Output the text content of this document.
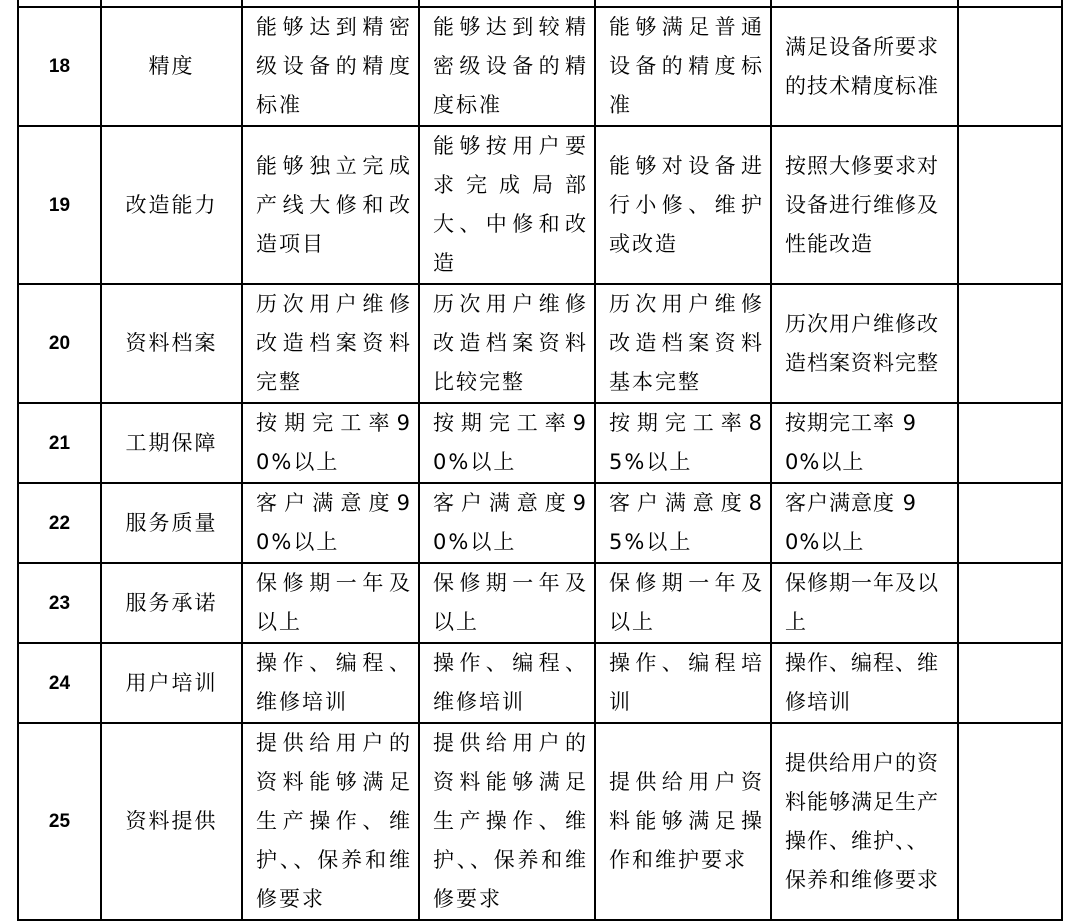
18	精度	能够达到精密级设备的精度标准	能够达到较精密级设备的精度标准	能够满足普通设备的精度标准	满足设备所要求的技术精度标准	
19	改造能力	能够独立完成产线大修和改造项目	能够按用户要求完成局部大、中修和改造	能够对设备进行小修、维护或改造	按照大修要求对设备进行维修及性能改造	
20	资料档案	历次用户维修改造档案资料完整	历次用户维修改造档案资料比较完整	历次用户维修改造档案资料基本完整	历次用户维修改造档案资料完整	
21	工期保障	按期完工率90%以上	按期完工率90%以上	按期完工率85%以上	按期完工率 90%以上	
22	服务质量	客户满意度90%以上	客户满意度90%以上	客户满意度85%以上	客户满意度 90%以上	
23	服务承诺	保修期一年及以上	保修期一年及以上	保修期一年及以上	保修期一年及以上	
24	用户培训	操作、编程、维修培训	操作、编程、维修培训	操作、编程培训	操作、编程、维修培训	
25	资料提供	提供给用户的资料能够满足生产操作、维护、、保养和维修要求	提供给用户的资料能够满足生产操作、维护、、保养和维修要求	提供给用户资料能够满足操作和维护要求	提供给用户的资料能够满足生产操作、维护、、保养和维修要求	
